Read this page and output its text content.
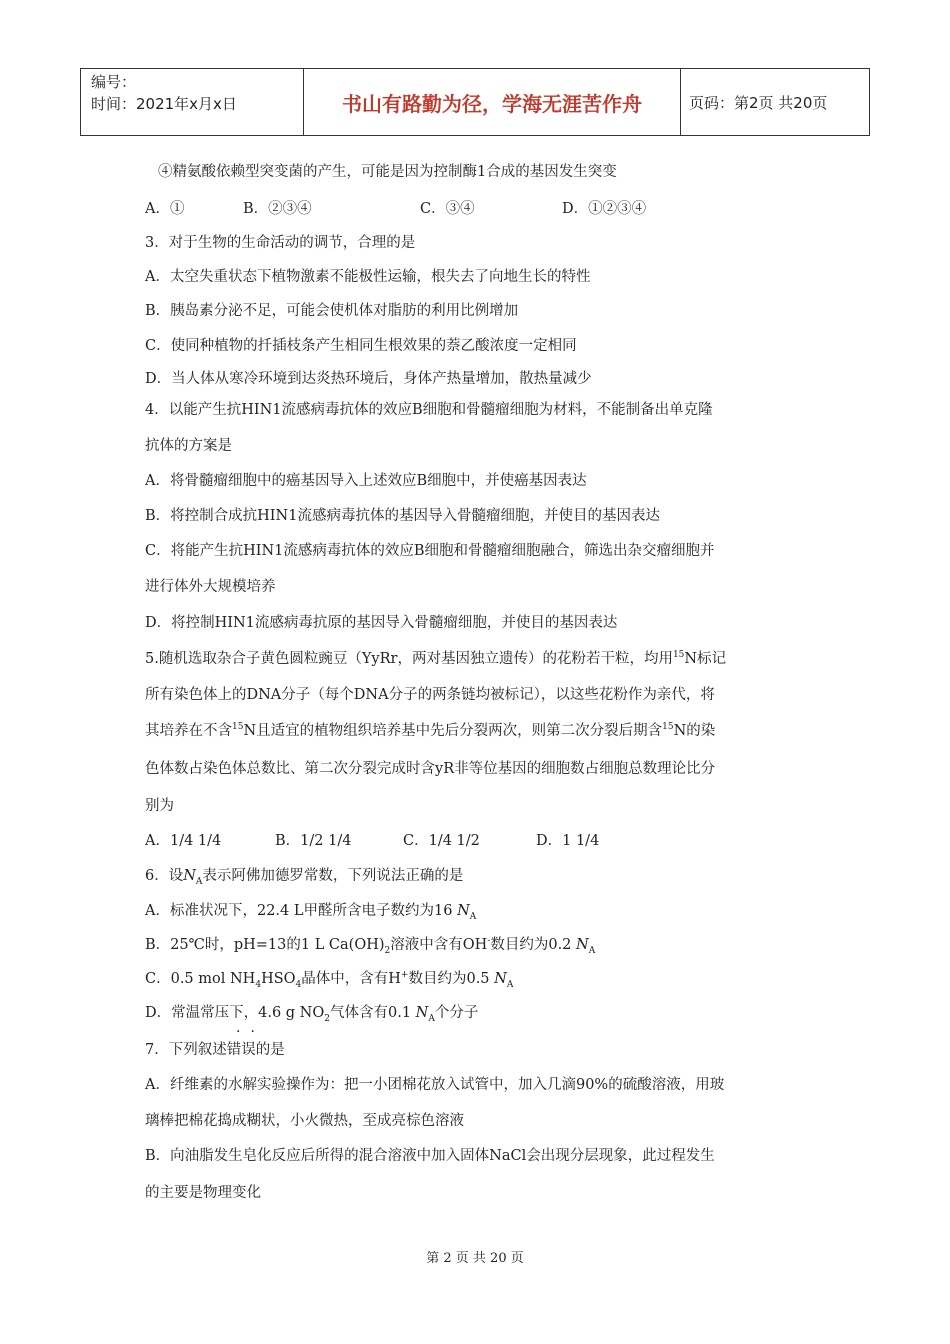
编号：
时间：2021年x月x日	书山有路勤为径，学海无涯苦作舟	页码：第2页 共20页
④精氨酸依赖型突变菌的产生，可能是因为控制酶1合成的基因发生突变
A．①	B．②③④	C．③④	D．①②③④
3．对于生物的生命活动的调节，合理的是
A．太空失重状态下植物激素不能极性运输，根失去了向地生长的特性
B．胰岛素分泌不足，可能会使机体对脂肪的利用比例增加
C．使同种植物的扦插枝条产生相同生根效果的萘乙酸浓度一定相同
D．当人体从寒冷环境到达炎热环境后，身体产热量增加，散热量减少
4．以能产生抗HIN1流感病毒抗体的效应B细胞和骨髓瘤细胞为材料，不能制备出单克隆
抗体的方案是
A．将骨髓瘤细胞中的癌基因导入上述效应B细胞中，并使癌基因表达
B．将控制合成抗HIN1流感病毒抗体的基因导入骨髓瘤细胞，并使目的基因表达
C．将能产生抗HIN1流感病毒抗体的效应B细胞和骨髓瘤细胞融合，筛选出杂交瘤细胞并
进行体外大规模培养
D．将控制HIN1流感病毒抗原的基因导入骨髓瘤细胞，并使目的基因表达
5.随机选取杂合子黄色圆粒豌豆（YyRr，两对基因独立遗传）的花粉若干粒，均用$^{15}$N标记
所有染色体上的DNA分子（每个DNA分子的两条链均被标记），以这些花粉作为亲代，将
其培养在不含$^{15}$N且适宜的植物组织培养基中先后分裂两次，则第二次分裂后期含$^{15}$N的染
色体数占染色体总数比、第二次分裂完成时含yR非等位基因的细胞数占细胞总数理论比分
别为
A．1/4 1/4	B．1/2 1/4	C．1/4 1/2	D．1 1/4
6．设$N_A$表示阿佛加德罗常数，下列说法正确的是
A．标准状况下，22.4 L甲醛所含电子数约为16 $N_A$
B．25℃时，pH=13的1 L $Ca(OH)_2$溶液中含有OH-数目约为0.2 $N_A$
C．0.5 mol $NH_4HSO_4$晶体中，含有H+数目约为0.5 $N_A$
D．常温常压下，4.6 g $NO_2$气体含有0.1 $N_A$个分子
··
7．下列叙述错误的是
A．纤维素的水解实验操作为：把一小团棉花放入试管中，加入几滴90%的硫酸溶液，用玻
璃棒把棉花捣成糊状，小火微热，至成亮棕色溶液
B．向油脂发生皂化反应后所得的混合溶液中加入固体NaCl会出现分层现象，此过程发生
的主要是物理变化
第 2 页 共 20 页
